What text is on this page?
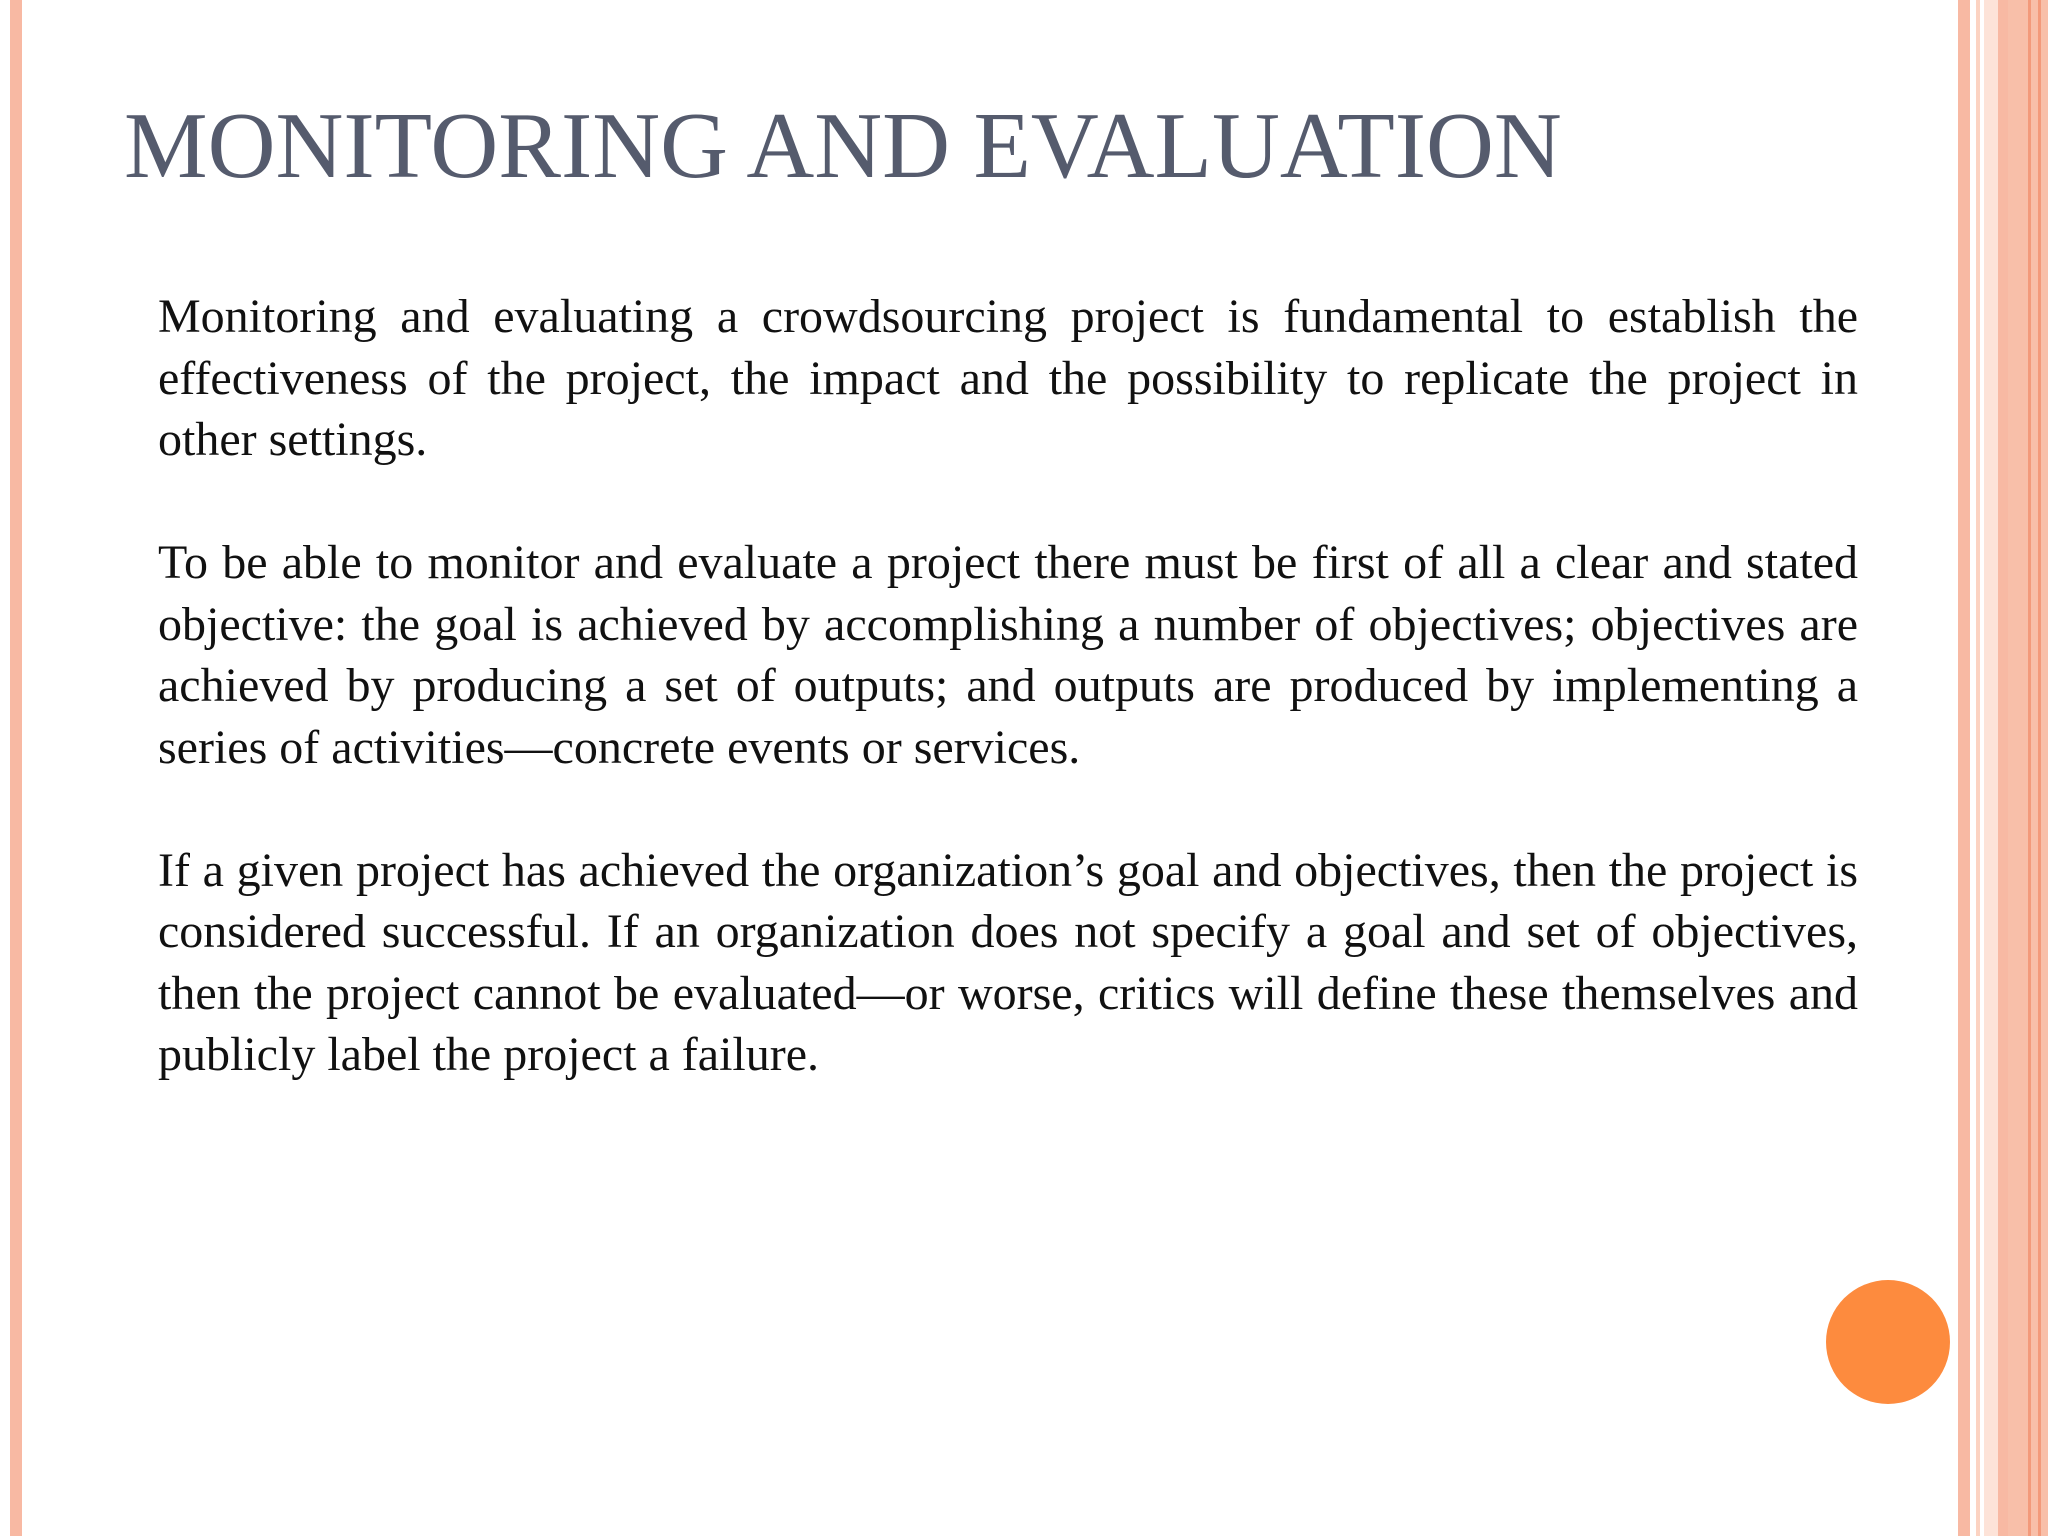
MONITORING AND EVALUATION

Monitoring and evaluating a crowdsourcing project is fundamental to establish the effectiveness of the project, the impact and the possibility to replicate the project in other settings.

To be able to monitor and evaluate a project there must be first of all a clear and stated objective: the goal is achieved by accomplishing a number of objectives; objectives are achieved by producing a set of outputs; and outputs are produced by implementing a series of activities—concrete events or services.

If a given project has achieved the organization’s goal and objectives, then the project is considered successful. If an organization does not specify a goal and set of objectives, then the project cannot be evaluated—or worse, critics will define these themselves and publicly label the project a failure.
